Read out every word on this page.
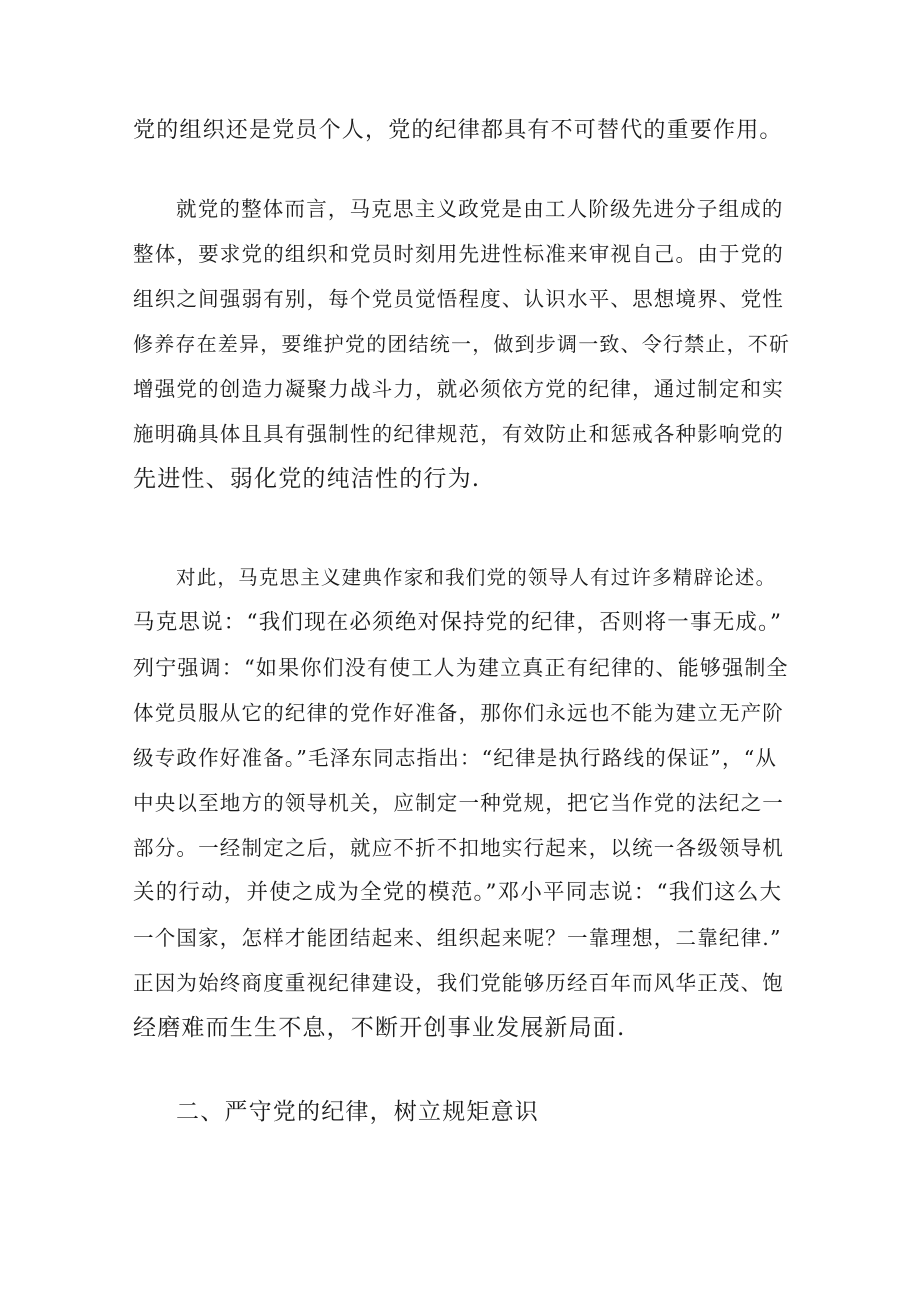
党的组织还是党员个人，党的纪律都具有不可替代的重要作用。
就党的整体而言，马克思主义政党是由工人阶级先进分子组成的
整体，要求党的组织和党员时刻用先进性标准来审视自己。由于党的
组织之间强弱有别，每个党员觉悟程度、认识水平、思想境界、党性
修养存在差异，要维护党的团结统一，做到步调一致、令行禁止，不斫
增强党的创造力凝聚力战斗力，就必须依方党的纪律，通过制定和实
施明确具体且具有强制性的纪律规范，有效防止和惩戒各种影响党的
先进性、弱化党的纯洁性的行为.
对此，马克思主义建典作家和我们党的领导人有过许多精辟论述。
马克思说：“我们现在必须绝对保持党的纪律，否则将一事无成。”
列宁强调：“如果你们没有使工人为建立真正有纪律的、能够强制全
体党员服从它的纪律的党作好准备，那你们永远也不能为建立无产阶
级专政作好准备。”毛泽东同志指出：“纪律是执行路线的保证”，“从
中央以至地方的领导机关，应制定一种党规，把它当作党的法纪之一
部分。一经制定之后，就应不折不扣地实行起来，以统一各级领导机
关的行动，并使之成为全党的模范。”邓小平同志说：“我们这么大
一个国家，怎样才能团结起来、组织起来呢？一靠理想，二靠纪律.”
正因为始终商度重视纪律建设，我们党能够历经百年而风华正茂、饱
经磨难而生生不息，不断开创事业发展新局面.
二、严守党的纪律，树立规矩意识
